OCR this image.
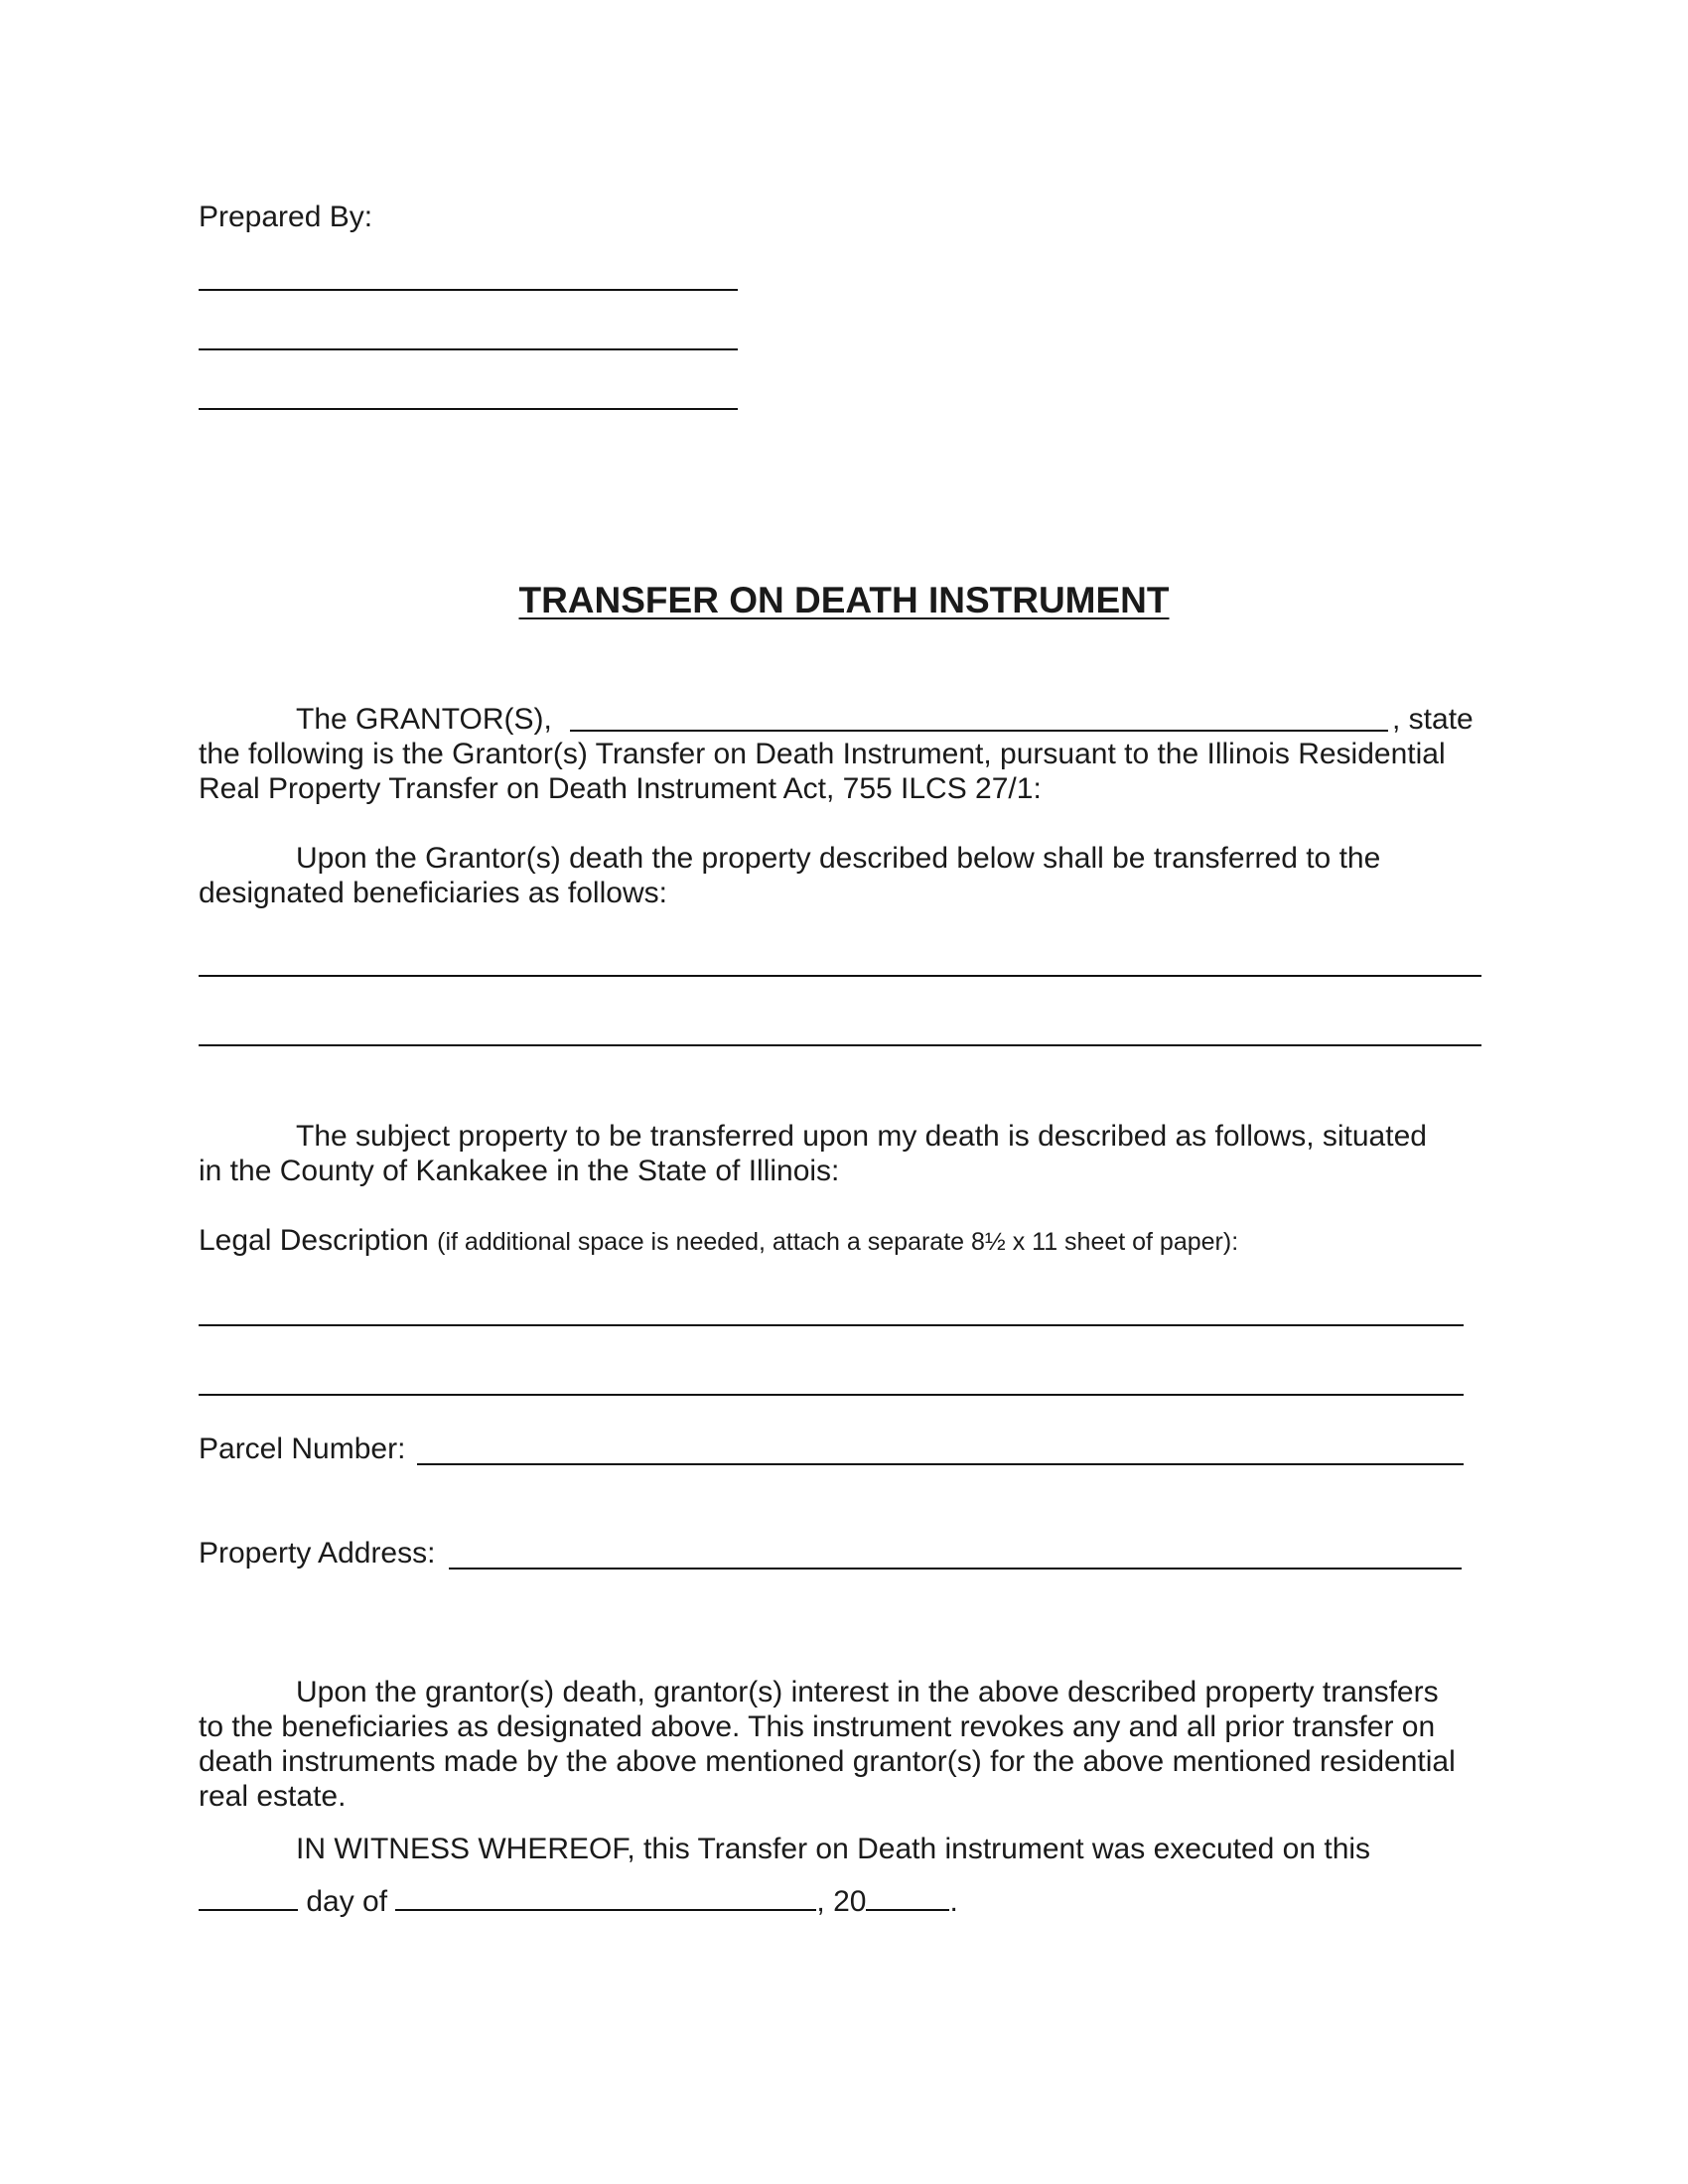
Prepared By:
TRANSFER ON DEATH INSTRUMENT
The GRANTOR(S),	, state
the following is the Grantor(s) Transfer on Death Instrument, pursuant to the Illinois Residential
Real Property Transfer on Death Instrument Act, 755 ILCS 27/1:
Upon the Grantor(s) death the property described below shall be transferred to the
designated beneficiaries as follows:
The subject property to be transferred upon my death is described as follows, situated
in the County of Kankakee in the State of Illinois:
Legal Description (if additional space is needed, attach a separate 8½ x 11 sheet of paper):
Parcel Number:
Property Address:
Upon the grantor(s) death, grantor(s) interest in the above described property transfers
to the beneficiaries as designated above. This instrument revokes any and all prior transfer on
death instruments made by the above mentioned grantor(s) for the above mentioned residential
real estate.
IN WITNESS WHEREOF, this Transfer on Death instrument was executed on this
day of	, 20	.
